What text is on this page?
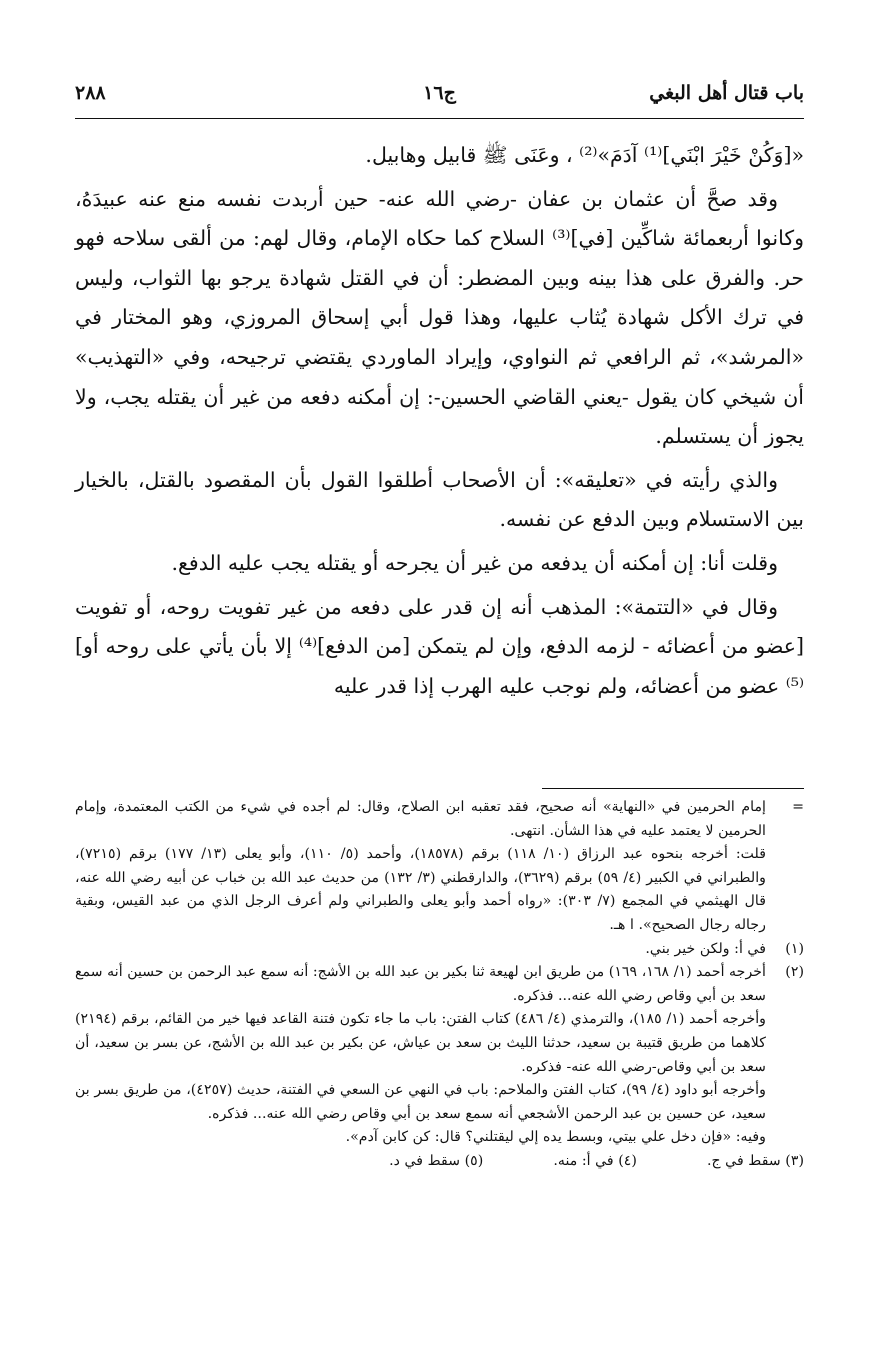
باب قتال أهل البغي
ج١٦
٢٨٨

«[وَكُنْ خَيْرَ ابْنَي]⁽¹⁾ آدَمَ»⁽²⁾ ، وعَنَى ﷺ قابيل وهابيل.

وقد صحَّ أن عثمان بن عفان -رضي الله عنه- حين أربدت نفسه منع عنه عبيدَهُ، وكانوا أربعمائة شاكِّين [في]⁽³⁾ السلاح كما حكاه الإمام، وقال لهم: من ألقى سلاحه فهو حر. والفرق على هذا بينه وبين المضطر: أن في القتل شهادة يرجو بها الثواب، وليس في ترك الأكل شهادة يُثاب عليها، وهذا قول أبي إسحاق المروزي، وهو المختار في «المرشد»، ثم الرافعي ثم النواوي، وإيراد الماوردي يقتضي ترجيحه، وفي «التهذيب» أن شيخي كان يقول -يعني القاضي الحسين-: إن أمكنه دفعه من غير أن يقتله يجب، ولا يجوز أن يستسلم.

والذي رأيته في «تعليقه»: أن الأصحاب أطلقوا القول بأن المقصود بالقتل، بالخيار بين الاستسلام وبين الدفع عن نفسه.

وقلت أنا: إن أمكنه أن يدفعه من غير أن يجرحه أو يقتله يجب عليه الدفع.

وقال في «التتمة»: المذهب أنه إن قدر على دفعه من غير تفويت روحه، أو تفويت [عضو من أعضائه - لزمه الدفع، وإن لم يتمكن [من الدفع]⁽⁴⁾ إلا بأن يأتي على روحه أو]⁽⁵⁾ عضو من أعضائه، ولم نوجب عليه الهرب إذا قدر عليه

=

إمام الحرمين في «النهاية» أنه صحيح، فقد تعقبه ابن الصلاح، وقال: لم أجده في شيء من الكتب المعتمدة، وإمام الحرمين لا يعتمد عليه في هذا الشأن. انتهى.

قلت: أخرجه بنحوه عبد الرزاق (١٠/ ١١٨) برقم (١٨٥٧٨)، وأحمد (٥/ ١١٠)، وأبو يعلى (١٣/ ١٧٧) برقم (٧٢١٥)، والطبراني في الكبير (٤/ ٥٩) برقم (٣٦٢٩)، والدارقطني (٣/ ١٣٢) من حديث عبد الله بن خباب عن أبيه رضي الله عنه، قال الهيثمي في المجمع (٧/ ٣٠٣): «رواه أحمد وأبو يعلى والطبراني ولم أعرف الرجل الذي من عبد القيس، وبقية رجاله رجال الصحيح». ا هـ.

(١)

في أ: ولكن خير بني.

(٢)

أخرجه أحمد (١/ ١٦٨، ١٦٩) من طريق ابن لهيعة ثنا بكير بن عبد الله بن الأشج: أنه سمع عبد الرحمن بن حسين أنه سمع سعد بن أبي وقاص رضي الله عنه... فذكره.

وأخرجه أحمد (١/ ١٨٥)، والترمذي (٤/ ٤٨٦) كتاب الفتن: باب ما جاء تكون فتنة القاعد فيها خير من القائم، برقم (٢١٩٤) كلاهما من طريق قتيبة بن سعيد، حدثنا الليث بن سعد بن عياش، عن بكير بن عبد الله بن الأشج، عن بسر بن سعيد، أن سعد بن أبي وقاص-رضي الله عنه- فذكره.

وأخرجه أبو داود (٤/ ٩٩)، كتاب الفتن والملاحم: باب في النهي عن السعي في الفتنة، حديث (٤٢٥٧)، من طريق بسر بن سعيد، عن حسين بن عبد الرحمن الأشجعي أنه سمع سعد بن أبي وقاص رضي الله عنه... فذكره.

وفيه: «فإن دخل علي بيتي، وبسط يده إلي ليقتلني؟ قال: كن كابن آدم».

(٣) سقط في ج.
(٤) في أ: منه.
(٥) سقط في د.
